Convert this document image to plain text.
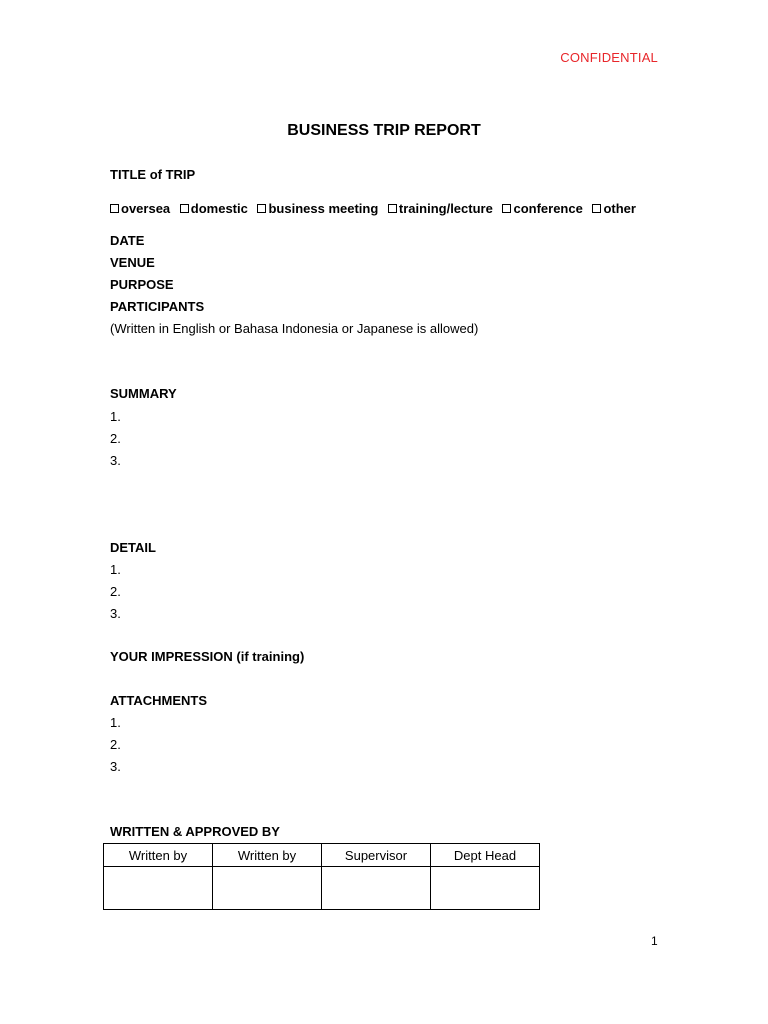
CONFIDENTIAL
BUSINESS TRIP REPORT
TITLE of TRIP
oversea domestic business meeting training/lecture conference other
DATE
VENUE
PURPOSE
PARTICIPANTS
(Written in English or Bahasa Indonesia or Japanese is allowed)
SUMMARY
1.
2.
3.
DETAIL
1.
2.
3.
YOUR IMPRESSION (if training)
ATTACHMENTS
1.
2.
3.
WRITTEN & APPROVED BY
Written by	Written by	Supervisor	Dept Head

1
